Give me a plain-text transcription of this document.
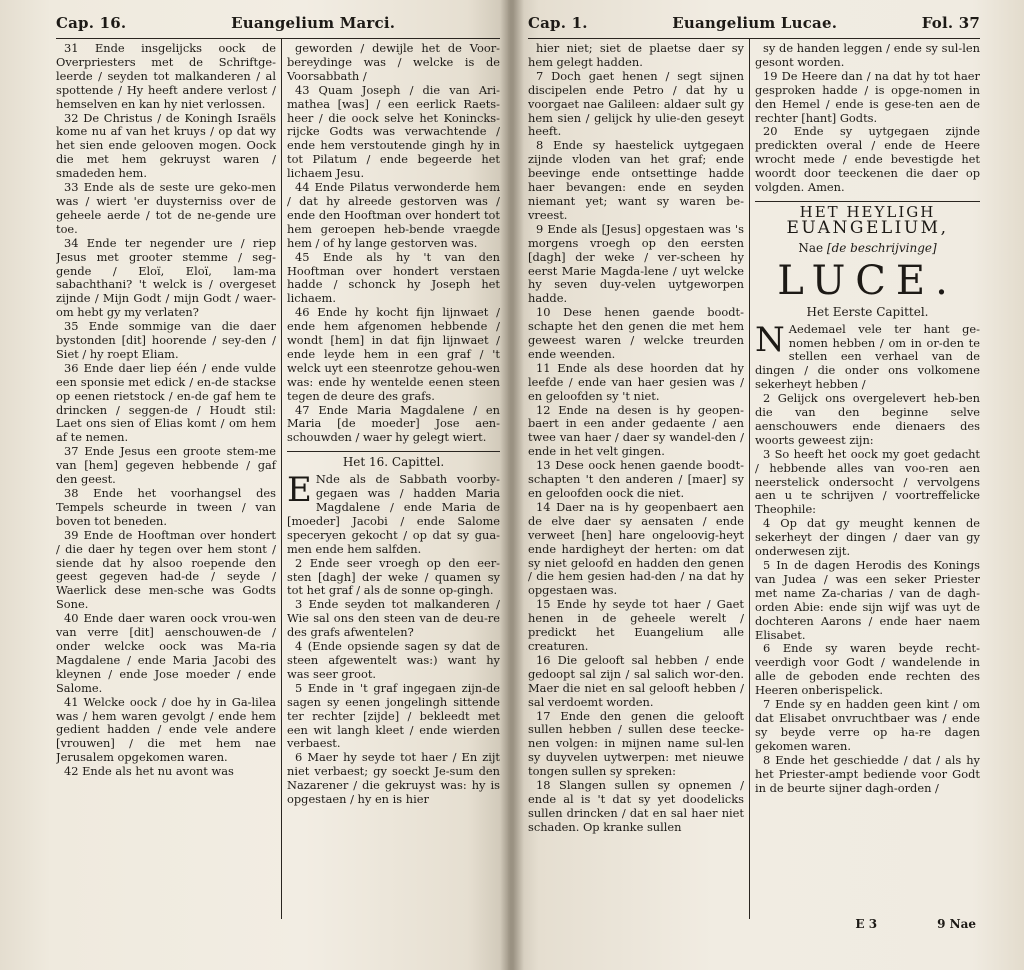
Cap. 16.	Euangelium Marci.

31 Ende insgelijcks oock de Overpriesters met de Schriftge-leerde / seyden tot malkanderen / al spottende / Hy heeft andere verlost / hemselven en kan hy niet verlossen.

32 De Christus / de Koningh Israëls kome nu af van het kruys / op dat wy het sien ende gelooven mogen. Oock die met hem gekruyst waren / smadeden hem.

33 Ende als de seste ure geko-men was / wiert 'er duysterniss over de geheele aerde / tot de ne-gende ure toe.

34 Ende ter negender ure / riep Jesus met grooter stemme / seg-gende / Eloï, Eloï, lam-ma sabachthani? 't welck is / overgeset zijnde / Mijn Godt / mijn Godt / waer-om hebt gy my verlaten?

35 Ende sommige van die daer bystonden [dit] hoorende / sey-den / Siet / hy roept Eliam.

36 Ende daer liep één / ende vulde een sponsie met edick / en-de stackse op eenen rietstock / en-de gaf hem te drincken / seggen-de / Houdt stil: Laet ons sien of Elias komt / om hem af te nemen.

37 Ende Jesus een groote stem-me van [hem] gegeven hebbende / gaf den geest.

38 Ende het voorhangsel des Tempels scheurde in tween / van boven tot beneden.

39 Ende de Hooftman over hondert / die daer hy tegen over hem stont / siende dat hy alsoo roepende den geest gegeven had-de / seyde / Waerlick dese men-sche was Godts Sone.

40 Ende daer waren oock vrou-wen van verre [dit] aenschouwen-de / onder welcke oock was Ma-ria Magdalene / ende Maria Jacobi des kleynen / ende Jose moeder / ende Salome.

41 Welcke oock / doe hy in Ga-lilea was / hem waren gevolgt / ende hem gedient hadden / ende vele andere [vrouwen] / die met hem nae Jerusalem opgekomen waren.

42 Ende als het nu avont was

geworden / dewijle het de Voor-bereydinge was / welcke is de Voorsabbath /

43 Quam Joseph / die van Ari-mathea [was] / een eerlick Raets-heer / die oock selve het Konincks-rijcke Godts was verwachtende / ende hem verstoutende gingh hy in tot Pilatum / ende begeerde het lichaem Jesu.

44 Ende Pilatus verwonderde hem / dat hy alreede gestorven was / ende den Hooftman over hondert tot hem geroepen heb-bende vraegde hem / of hy lange gestorven was.

45 Ende als hy 't van den Hooftman over hondert verstaen hadde / schonck hy Joseph het lichaem.

46 Ende hy kocht fijn lijnwaet / ende hem afgenomen hebbende / wondt [hem] in dat fijn lijnwaet / ende leyde hem in een graf / 't welck uyt een steenrotze gehou-wen was: ende hy wentelde eenen steen tegen de deure des grafs.

47 Ende Maria Magdalene / en Maria [de moeder] Jose aen-schouwden / waer hy gelegt wiert.

Het 16. Capittel.

E Nde als de Sabbath voorby-gegaen was / hadden Maria Magdalene / ende Maria de [moeder] Jacobi / ende Salome speceryen gekocht / op dat sy gua-men ende hem salfden.

2 Ende seer vroegh op den eer-sten [dagh] der weke / quamen sy tot het graf / als de sonne op-gingh.

3 Ende seyden tot malkanderen / Wie sal ons den steen van de deu-re des grafs afwentelen?

4 (Ende opsiende sagen sy dat de steen afgewentelt was:) want hy was seer groot.

5 Ende in 't graf ingegaen zijn-de sagen sy eenen jongelingh sittende ter rechter [zijde] / bekleedt met een wit langh kleet / ende wierden verbaest.

6 Maer hy seyde tot haer / En zijt niet verbaest; gy soeckt Je-sum den Nazarener / die gekruyst was: hy is opgestaen / hy en is hier

Cap. 1.	Euangelium Lucae.	Fol. 37

hier niet; siet de plaetse daer sy hem gelegt hadden.

7 Doch gaet henen / segt sijnen discipelen ende Petro / dat hy u voorgaet nae Galileen: aldaer sult gy hem sien / gelijck hy ulie-den geseyt heeft.

8 Ende sy haestelick uytgegaen zijnde vloden van het graf; ende beevinge ende ontsettinge hadde haer bevangen: ende en seyden niemant yet; want sy waren be-vreest.

9 Ende als [Jesus] opgestaen was 's morgens vroegh op den eersten [dagh] der weke / ver-scheen hy eerst Marie Magda-lene / uyt welcke hy seven duy-velen uytgeworpen hadde.

10 Dese henen gaende boodt-schapte het den genen die met hem geweest waren / welcke treurden ende weenden.

11 Ende als dese hoorden dat hy leefde / ende van haer gesien was / en geloofden sy 't niet.

12 Ende na desen is hy geopen-baert in een ander gedaente / aen twee van haer / daer sy wandel-den / ende in het velt gingen.

13 Dese oock henen gaende boodt-schapten 't den anderen / [maer] sy en geloofden oock die niet.

14 Daer na is hy geopenbaert aen de elve daer sy aensaten / ende verweet [hen] hare ongeloovig-heyt ende hardigheyt der herten: om dat sy niet geloofd en hadden den genen / die hem gesien had-den / na dat hy opgestaen was.

15 Ende hy seyde tot haer / Gaet henen in de geheele werelt / predickt het Euangelium alle creaturen.

16 Die gelooft sal hebben / ende gedoopt sal zijn / sal salich wor-den. Maer die niet en sal gelooft hebben / sal verdoemt worden.

17 Ende den genen die gelooft sullen hebben / sullen dese teecke-nen volgen: in mijnen name sul-len sy duyvelen uytwerpen: met nieuwe tongen sullen sy spreken:

18 Slangen sullen sy opnemen / ende al is 't dat sy yet doodelicks sullen drincken / dat en sal haer niet schaden. Op kranke sullen

sy de handen leggen / ende sy sul-len gesont worden.

19 De Heere dan / na dat hy tot haer gesproken hadde / is opge-nomen in den Hemel / ende is gese-ten aen de rechter [hant] Godts.

20 Ende sy uytgegaen zijnde predickten overal / ende de Heere wrocht mede / ende bevestigde het woordt door teeckenen die daer op volgden. Amen.

HET HEYLIGH
EUANGELIUM,
Nae [de beschrijvinge]
LUCE.
Het Eerste Capittel.

N Aedemael vele ter hant ge-nomen hebben / om in or-den te stellen een verhael van de dingen / die onder ons volkomene sekerheyt hebben /

2 Gelijck ons overgelevert heb-ben die van den beginne selve aenschouwers ende dienaers des woorts geweest zijn:

3 So heeft het oock my goet gedacht / hebbende alles van voo-ren aen neerstelick ondersocht / vervolgens aen u te schrijven / voortreffelicke Theophile:

4 Op dat gy meught kennen de sekerheyt der dingen / daer van gy onderwesen zijt.

5 In de dagen Herodis des Konings van Judea / was een seker Priester met name Za-charias / van de dagh-orden Abie: ende sijn wijf was uyt de dochteren Aarons / ende haer naem Elisabet.

6 Ende sy waren beyde recht-veerdigh voor Godt / wandelende in alle de geboden ende rechten des Heeren onberispelick.

7 Ende sy en hadden geen kint / om dat Elisabet onvruchtbaer was / ende sy beyde verre op ha-re dagen gekomen waren.

8 Ende het geschiedde / dat / als hy het Priester-ampt bediende voor Godt in de beurte sijner dagh-orden /

E 3	9 Nae
